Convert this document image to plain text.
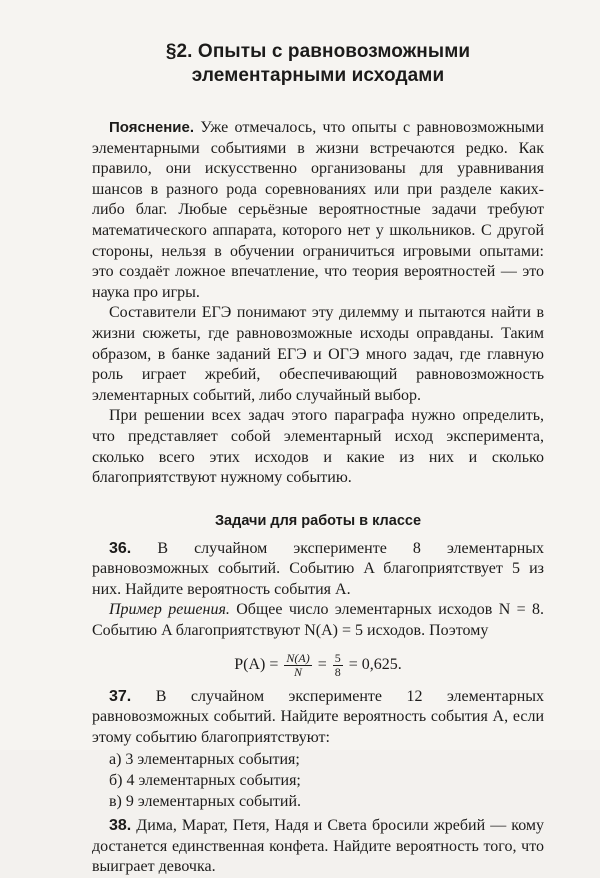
§2. Опыты с равновозможными
элементарными исходами

Пояснение. Уже отмечалось, что опыты с равновозможными элементарными событиями в жизни встречаются редко. Как правило, они искусственно организованы для уравнивания шансов в разного рода соревнованиях или при разделе каких-либо благ. Любые серьёзные вероятностные задачи требуют математического аппарата, которого нет у школьников. С другой стороны, нельзя в обучении ограничиться игровыми опытами: это создаёт ложное впечатление, что теория вероятностей — это наука про игры.

Составители ЕГЭ понимают эту дилемму и пытаются найти в жизни сюжеты, где равновозможные исходы оправданы. Таким образом, в банке заданий ЕГЭ и ОГЭ много задач, где главную роль играет жребий, обеспечивающий равновозможность элементарных событий, либо случайный выбор.

При решении всех задач этого параграфа нужно определить, что представляет собой элементарный исход эксперимента, сколько всего этих исходов и какие из них и сколько благоприятствуют нужному событию.

Задачи для работы в классе

36. В случайном эксперименте 8 элементарных равновозможных событий. Событию A благоприятствует 5 из них. Найдите вероятность события A.

Пример решения. Общее число элементарных исходов N = 8. Событию A благоприятствуют N(A) = 5 исходов. Поэтому

$P(A) = \frac{N(A)}{N} = \frac{5}{8} = 0,625$.

37. В случайном эксперименте 12 элементарных равновозможных событий. Найдите вероятность события A, если этому событию благоприятствуют:

а) 3 элементарных события;
б) 4 элементарных события;
в) 9 элементарных событий.

38. Дима, Марат, Петя, Надя и Света бросили жребий — кому достанется единственная конфета. Найдите вероятность того, что выиграет девочка.
